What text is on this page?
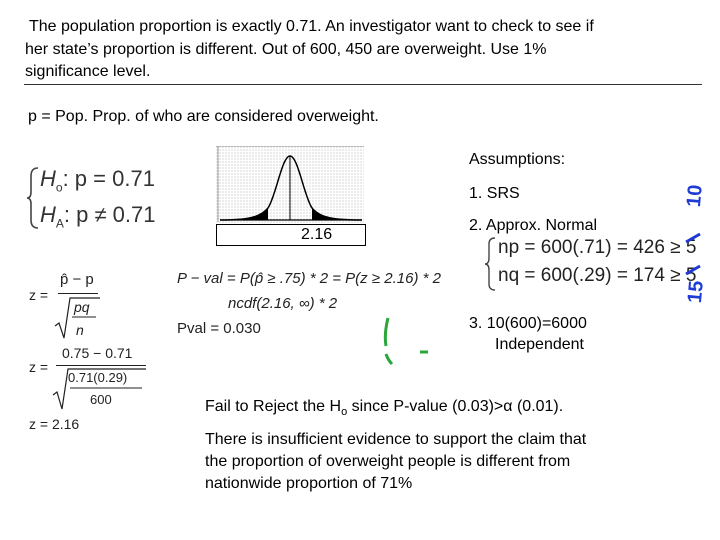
The population proportion is exactly 0.71. An investigator want to check to see if
her state’s proportion is different. Out of 600, 450 are overweight. Use 1%
significance level.
p = Pop. Prop. of who are considered overweight.
$H_o$: p = 0.71
$H_A$: p ≠ 0.71
2.16
Assumptions:
1. SRS
2. Approx. Normal
np = 600(.71) = 426 ≥ 5
nq = 600(.29) = 174 ≥ 5
3. 10(600)=6000
Independent
10
15
z =
p̂ − p
pq
n
z =
0.75 − 0.71
0.71(0.29)
600
z = 2.16
P − val = P(p̂ ≥ .75) * 2 = P(z ≥ 2.16) * 2
ncdf(2.16, ∞) * 2
Pval = 0.030
Fail to Reject the $H_o$ since P-value (0.03)>α (0.01).
There is insufficient evidence to support the claim that
the proportion of overweight people is different from
nationwide proportion of 71%
